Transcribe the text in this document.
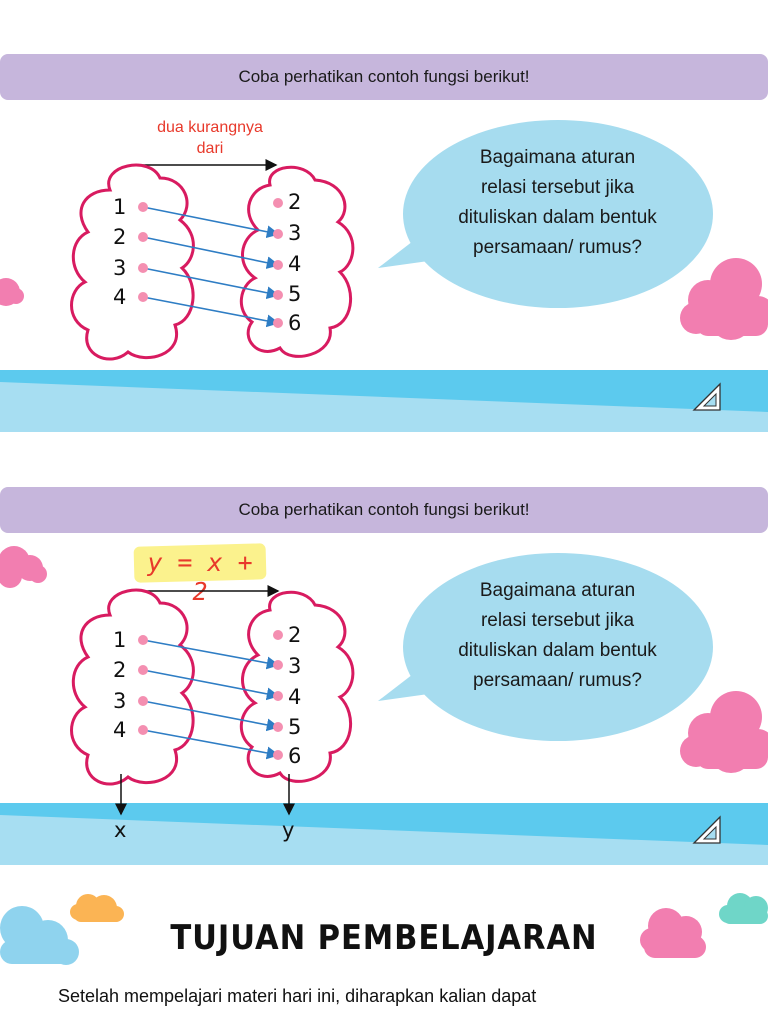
Coba perhatikan contoh fungsi berikut!
dua kurangnya
dari
1
2
3
4
2
3
4
5
6
Bagaimana aturan
relasi tersebut jika
dituliskan dalam bentuk
persamaan/ rumus?
Coba perhatikan contoh fungsi berikut!
y = x + 2
1
2
3
4
2
3
4
5
6
Bagaimana aturan
relasi tersebut jika
dituliskan dalam bentuk
persamaan/ rumus?
x	y
TUJUAN PEMBELAJARAN
Setelah mempelajari materi hari ini, diharapkan kalian dapat
